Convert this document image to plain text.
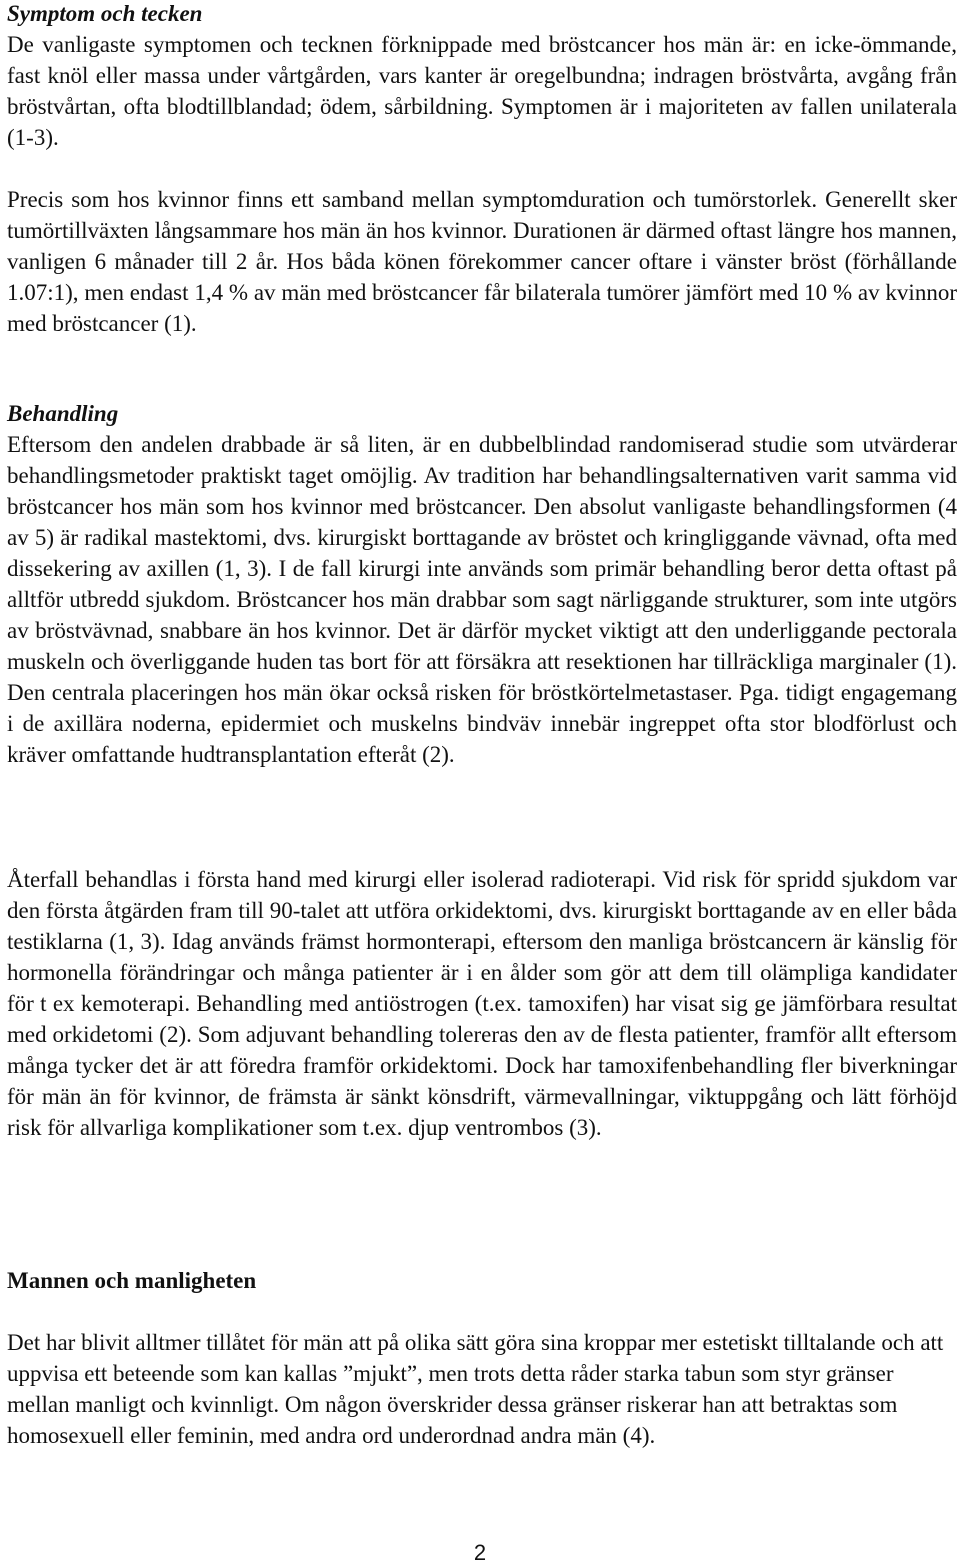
Symptom och tecken

De vanligaste symptomen och tecknen förknippade med bröstcancer hos män är: en icke-ömmande, fast knöl eller massa under vårtgården, vars kanter är oregelbundna; indragen bröstvårta, avgång från bröstvårtan, ofta blodtillblandad; ödem, sårbildning. Symptomen är i majoriteten av fallen unilaterala (1-3).

Precis som hos kvinnor finns ett samband mellan symptomduration och tumörstorlek. Generellt sker tumörtillväxten långsammare hos män än hos kvinnor. Durationen är därmed oftast längre hos mannen, vanligen 6 månader till 2 år. Hos båda könen förekommer cancer oftare i vänster bröst (förhållande 1.07:1), men endast 1,4 % av män med bröstcancer får bilaterala tumörer jämfört med 10 % av kvinnor med bröstcancer (1).

Behandling

Eftersom den andelen drabbade är så liten, är en dubbelblindad randomiserad studie som utvärderar behandlingsmetoder praktiskt taget omöjlig. Av tradition har behandlingsalternativen varit samma vid bröstcancer hos män som hos kvinnor med bröstcancer. Den absolut vanligaste behandlingsformen (4 av 5) är radikal mastektomi, dvs. kirurgiskt borttagande av bröstet och kringliggande vävnad, ofta med dissekering av axillen (1, 3). I de fall kirurgi inte används som primär behandling beror detta oftast på alltför utbredd sjukdom. Bröstcancer hos män drabbar som sagt närliggande strukturer, som inte utgörs av bröstvävnad, snabbare än hos kvinnor. Det är därför mycket viktigt att den underliggande pectorala muskeln och överliggande huden tas bort för att försäkra att resektionen har tillräckliga marginaler (1). Den centrala placeringen hos män ökar också risken för bröstkörtelmetastaser. Pga. tidigt engagemang i de axillära noderna, epidermiet och muskelns bindväv innebär ingreppet ofta stor blodförlust och kräver omfattande hudtransplantation efteråt (2).

Återfall behandlas i första hand med kirurgi eller isolerad radioterapi. Vid risk för spridd sjukdom var den första åtgärden fram till 90-talet att utföra orkidektomi, dvs. kirurgiskt borttagande av en eller båda testiklarna (1, 3). Idag används främst hormonterapi, eftersom den manliga bröstcancern är känslig för hormonella förändringar och många patienter är i en ålder som gör att dem till olämpliga kandidater för t ex kemoterapi. Behandling med antiöstrogen (t.ex. tamoxifen) har visat sig ge jämförbara resultat med orkidetomi (2). Som adjuvant behandling tolereras den av de flesta patienter, framför allt eftersom många tycker det är att föredra framför orkidektomi. Dock har tamoxifenbehandling fler biverkningar för män än för kvinnor, de främsta är sänkt könsdrift, värmevallningar, viktuppgång och lätt förhöjd risk för allvarliga komplikationer som t.ex. djup ventrombos (3).

Mannen och manligheten

Det har blivit alltmer tillåtet för män att på olika sätt göra sina kroppar mer estetiskt tilltalande och att uppvisa ett beteende som kan kallas ”mjukt”, men trots detta råder starka tabun som styr gränser mellan manligt och kvinnligt. Om någon överskrider dessa gränser riskerar han att betraktas som homosexuell eller feminin, med andra ord underordnad andra män (4).

2
